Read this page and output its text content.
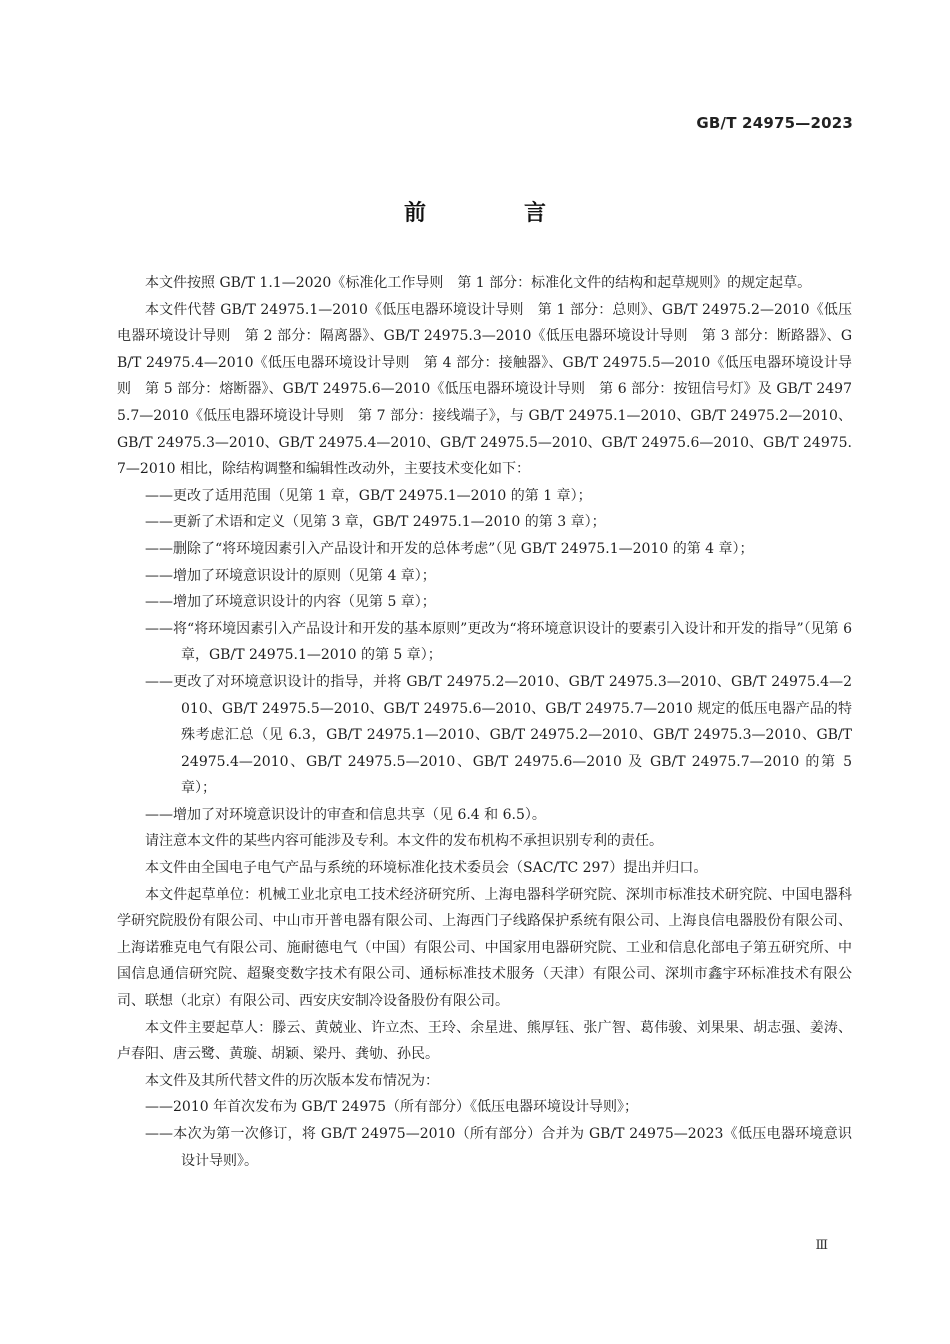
GB/T 24975—2023
前　言

本文件按照 GB/T 1.1—2020《标准化工作导则　第 1 部分：标准化文件的结构和起草规则》的规定起草。

本文件代替 GB/T 24975.1—2010《低压电器环境设计导则　第 1 部分：总则》、GB/T 24975.2—2010《低压电器环境设计导则　第 2 部分：隔离器》、GB/T 24975.3—2010《低压电器环境设计导则　第 3 部分：断路器》、GB/T 24975.4—2010《低压电器环境设计导则　第 4 部分：接触器》、GB/T 24975.5—2010《低压电器环境设计导则　第 5 部分：熔断器》、GB/T 24975.6—2010《低压电器环境设计导则　第 6 部分：按钮信号灯》及 GB/T 24975.7—2010《低压电器环境设计导则　第 7 部分：接线端子》，与 GB/T 24975.1—2010、GB/T 24975.2—2010、GB/T 24975.3—2010、GB/T 24975.4—2010、GB/T 24975.5—2010、GB/T 24975.6—2010、GB/T 24975.7—2010 相比，除结构调整和编辑性改动外，主要技术变化如下：

——更改了适用范围（见第 1 章，GB/T 24975.1—2010 的第 1 章）；

——更新了术语和定义（见第 3 章，GB/T 24975.1—2010 的第 3 章）；

——删除了“将环境因素引入产品设计和开发的总体考虑”（见 GB/T 24975.1—2010 的第 4 章）；

——增加了环境意识设计的原则（见第 4 章）；

——增加了环境意识设计的内容（见第 5 章）；

——将“将环境因素引入产品设计和开发的基本原则”更改为“将环境意识设计的要素引入设计和开发的指导”（见第 6 章，GB/T 24975.1—2010 的第 5 章）；

——更改了对环境意识设计的指导，并将 GB/T 24975.2—2010、GB/T 24975.3—2010、GB/T 24975.4—2010、GB/T 24975.5—2010、GB/T 24975.6—2010、GB/T 24975.7—2010 规定的低压电器产品的特殊考虑汇总（见 6.3，GB/T 24975.1—2010、GB/T 24975.2—2010、GB/T 24975.3—2010、GB/T 24975.4—2010、GB/T 24975.5—2010、GB/T 24975.6—2010 及 GB/T 24975.7—2010 的第 5 章）；

——增加了对环境意识设计的审查和信息共享（见 6.4 和 6.5）。

请注意本文件的某些内容可能涉及专利。本文件的发布机构不承担识别专利的责任。

本文件由全国电子电气产品与系统的环境标准化技术委员会（SAC/TC 297）提出并归口。

本文件起草单位：机械工业北京电工技术经济研究所、上海电器科学研究院、深圳市标准技术研究院、中国电器科学研究院股份有限公司、中山市开普电器有限公司、上海西门子线路保护系统有限公司、上海良信电器股份有限公司、上海诺雅克电气有限公司、施耐德电气（中国）有限公司、中国家用电器研究院、工业和信息化部电子第五研究所、中国信息通信研究院、超聚变数字技术有限公司、通标标准技术服务（天津）有限公司、深圳市鑫宇环标准技术有限公司、联想（北京）有限公司、西安庆安制冷设备股份有限公司。

本文件主要起草人：滕云、黄兢业、许立杰、王玲、余星进、熊厚钰、张广智、葛伟骏、刘果果、胡志强、姜涛、卢春阳、唐云鹭、黄璇、胡颖、梁丹、龚劬、孙民。

本文件及其所代替文件的历次版本发布情况为：

——2010 年首次发布为 GB/T 24975（所有部分）《低压电器环境设计导则》；

——本次为第一次修订，将 GB/T 24975—2010（所有部分）合并为 GB/T 24975—2023《低压电器环境意识设计导则》。

Ⅲ
